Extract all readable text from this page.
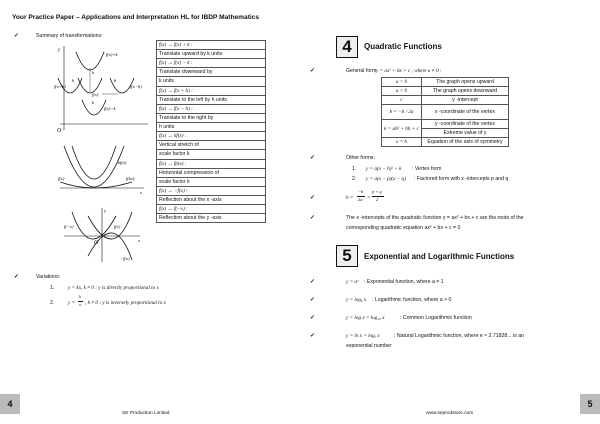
Your Practice Paper – Applications and Interpretation HL for IBDP Mathematics
✓	Summary of transformations:
y
f(x)+k
f(x+h)	f(x−h)
f(x)
f(x)−k
k
k
h	h
O
kf(x)
f(x)	f(kx)
x
y
x
f(−x)	f(x)
−f(x)
O
f(x) → f(x) + k :
Translate upward by k units
f(x) → f(x) − k :
Translate downward by
k units
f(x) → f(x + h) :
Translate to the left by h units
f(x) → f(x − h) :
Translate to the right by
h units
f(x) → kf(x) :
Vertical stretch of
scale factor k
f(x) → f(kx) :
Horizontal compression of
scale factor k
f(x) → −f(x) :
Reflection about the x -axis
f(x) → f(−x) :
Reflection about the y -axis
✓	Variations:
1.	y = kx, k ≠ 0 : y is directly proportional to x
2.	y =
k
x , k ≠ 0 : y is inversely proportional to x
4
SE Production Limited
4	Quadratic Functions
✓	General form y = ax² + bx + c , where a ≠ 0 :
a > 0	The graph opens upward
a < 0	The graph opens downward
c	y -intercept
h = −b / 2a	x -coordinate of the vertex
k = ah² + bh + c	y -coordinate of the vertex
	Extreme value of y
x = h	Equation of the axis of symmetry
✓	Other forms:
1. y = a(x − h)² + k : Vertex form
2. y = a(x − p)(x − q) : Factored form with x -intercepts p and q
✓	h =
−b
2a =
p + q
2
✓	The x -intercepts of the quadratic function y = ax² + bx + c are the roots of the
corresponding quadratic equation ax² + bx + c = 0
5	Exponential and Logarithmic Functions
✓	y = aˣ : Exponential function, where a ≠ 1
✓	y = logₐ x : Logarithmic function, where a > 0
✓	y = log x = log₁₀ x	: Common Logarithmic function
✓	y = ln x = logₑ x	: Natural Logarithmic function, where e ≈ 2.71828... is an
exponential number
5
www.seprodstore.com
